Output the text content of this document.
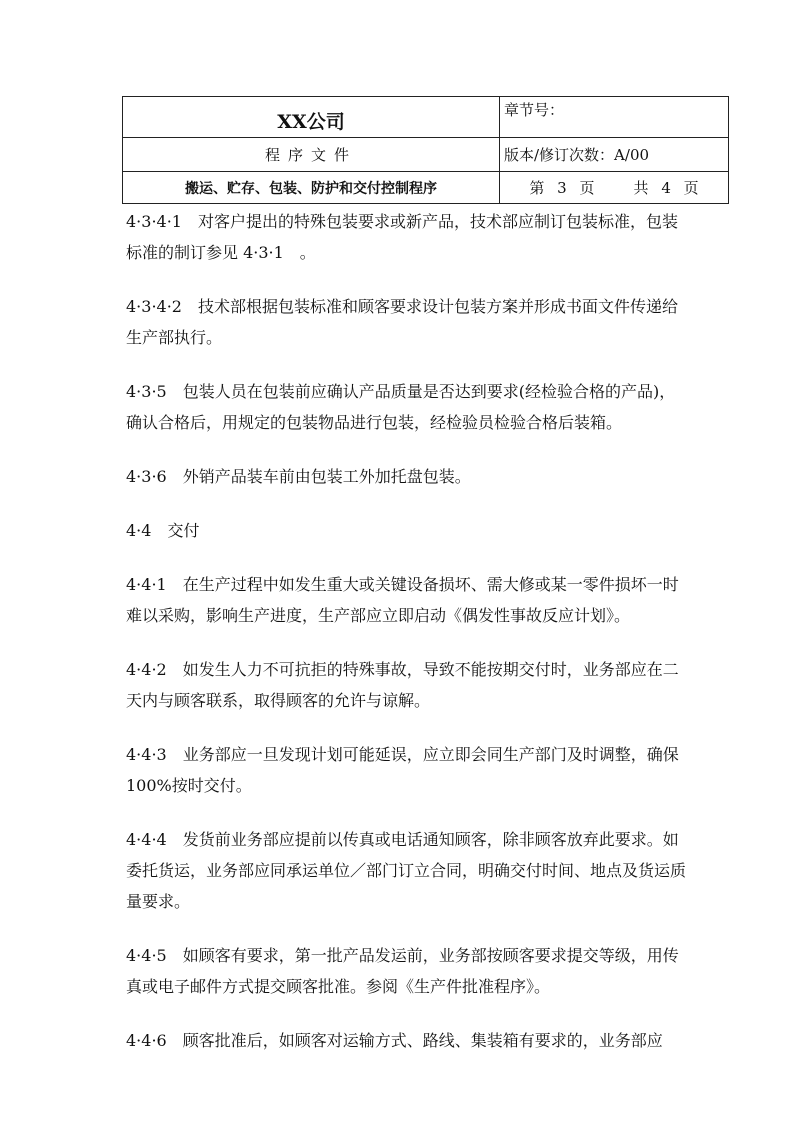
XX公司	章节号：
程序文件	版本/修订次数：A/00
搬运、贮存、包装、防护和交付控制程序	第 3 页 共 4 页

4·3·4·1　对客户提出的特殊包装要求或新产品，技术部应制订包装标准，包装标准的制订参见 4·3·1　。

4·3·4·2　技术部根据包装标准和顾客要求设计包装方案并形成书面文件传递给生产部执行。

4·3·5　包装人员在包装前应确认产品质量是否达到要求(经检验合格的产品)，确认合格后，用规定的包装物品进行包装，经检验员检验合格后装箱。

4·3·6　外销产品装车前由包装工外加托盘包装。

4·4　交付

4·4·1　在生产过程中如发生重大或关键设备损坏、需大修或某一零件损坏一时难以采购，影响生产进度，生产部应立即启动《偶发性事故反应计划》。

4·4·2　如发生人力不可抗拒的特殊事故，导致不能按期交付时，业务部应在二天内与顾客联系，取得顾客的允许与谅解。

4·4·3　业务部应一旦发现计划可能延误，应立即会同生产部门及时调整，确保100%按时交付。

4·4·4　发货前业务部应提前以传真或电话通知顾客，除非顾客放弃此要求。如委托货运，业务部应同承运单位／部门订立合同，明确交付时间、地点及货运质量要求。

4·4·5　如顾客有要求，第一批产品发运前，业务部按顾客要求提交等级，用传真或电子邮件方式提交顾客批准。参阅《生产件批准程序》。

4·4·6　顾客批准后，如顾客对运输方式、路线、集装箱有要求的，业务部应
